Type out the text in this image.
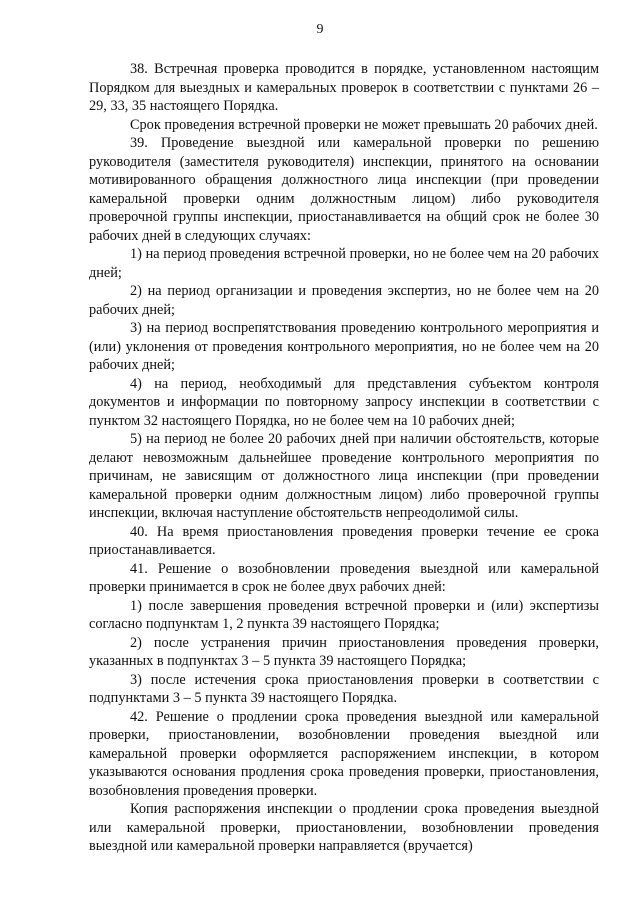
9

38. Встречная проверка проводится в порядке, установленном настоящим Порядком для выездных и камеральных проверок в соответствии с пунктами 26 – 29, 33, 35 настоящего Порядка.

Срок проведения встречной проверки не может превышать 20 рабочих дней.

39. Проведение выездной или камеральной проверки по решению руководителя (заместителя руководителя) инспекции, принятого на основании мотивированного обращения должностного лица инспекции (при проведении камеральной проверки одним должностным лицом) либо руководителя проверочной группы инспекции, приостанавливается на общий срок не более 30 рабочих дней в следующих случаях:

1) на период проведения встречной проверки, но не более чем на 20 рабочих дней;

2) на период организации и проведения экспертиз, но не более чем на 20 рабочих дней;

3) на период воспрепятствования проведению контрольного мероприятия и (или) уклонения от проведения контрольного мероприятия, но не более чем на 20 рабочих дней;

4) на период, необходимый для представления субъектом контроля документов и информации по повторному запросу инспекции в соответствии с пунктом 32 настоящего Порядка, но не более чем на 10 рабочих дней;

5) на период не более 20 рабочих дней при наличии обстоятельств, которые делают невозможным дальнейшее проведение контрольного мероприятия по причинам, не зависящим от должностного лица инспекции (при проведении камеральной проверки одним должностным лицом) либо проверочной группы инспекции, включая наступление обстоятельств непреодолимой силы.

40. На время приостановления проведения проверки течение ее срока приостанавливается.

41. Решение о возобновлении проведения выездной или камеральной проверки принимается в срок не более двух рабочих дней:

1) после завершения проведения встречной проверки и (или) экспертизы согласно подпунктам 1, 2 пункта 39 настоящего Порядка;

2) после устранения причин приостановления проведения проверки, указанных в подпунктах 3 – 5 пункта 39 настоящего Порядка;

3) после истечения срока приостановления проверки в соответствии с подпунктами 3 – 5 пункта 39 настоящего Порядка.

42. Решение о продлении срока проведения выездной или камеральной проверки, приостановлении, возобновлении проведения выездной или камеральной проверки оформляется распоряжением инспекции, в котором указываются основания продления срока проведения проверки, приостановления, возобновления проведения проверки.

Копия распоряжения инспекции о продлении срока проведения выездной или камеральной проверки, приостановлении, возобновлении проведения выездной или камеральной проверки направляется (вручается)
